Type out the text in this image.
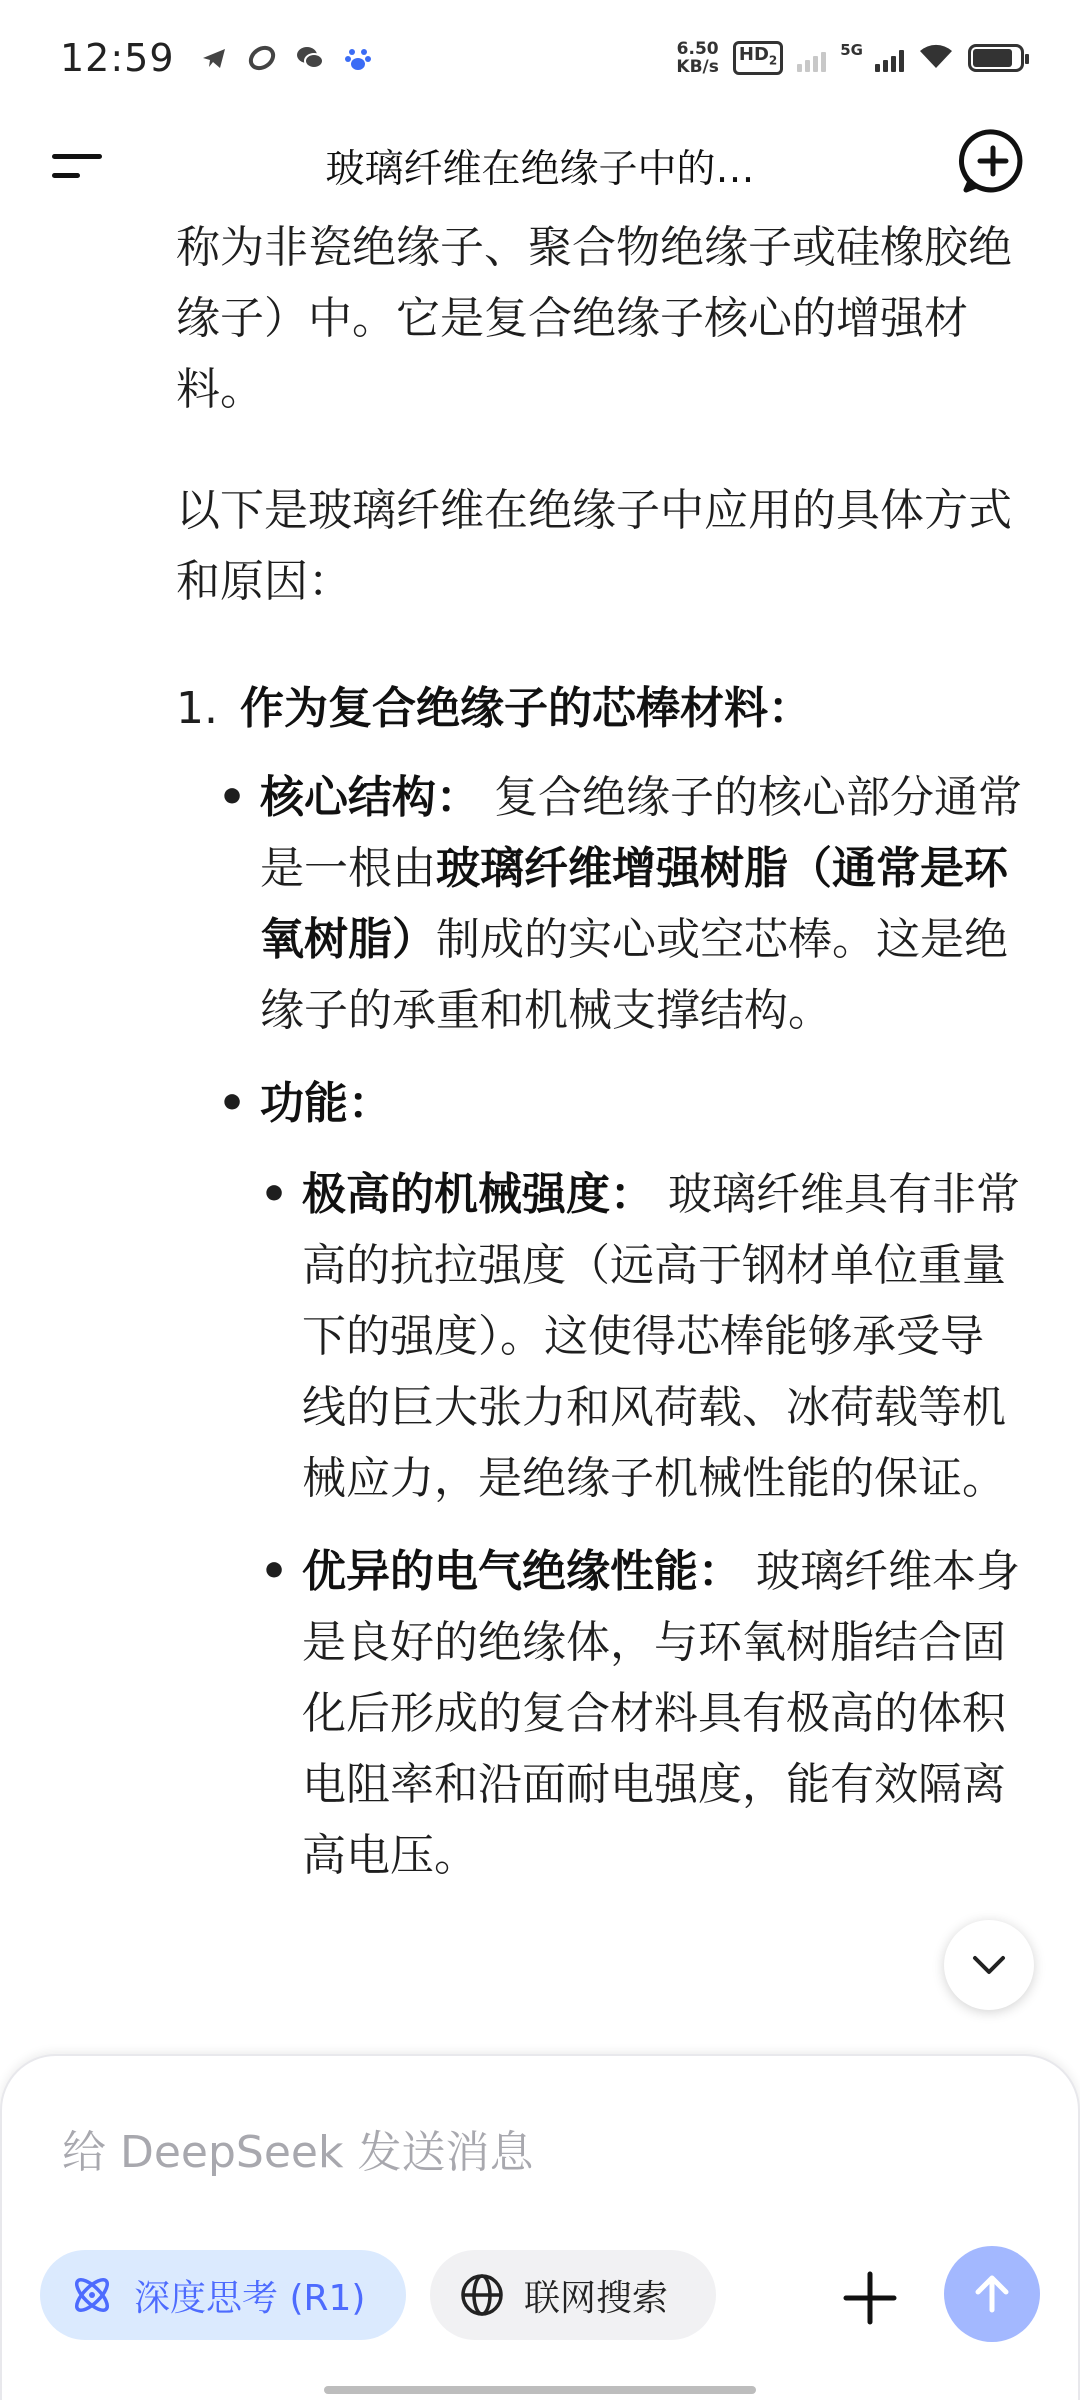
12:59	6.50
KB/s
$HD_2$
5G
玻璃纤维在绝缘子中的…

称为非瓷绝缘子、聚合物绝缘子或硅橡胶绝缘子）中。它是复合绝缘子核心的增强材料。

以下是玻璃纤维在绝缘子中应用的具体方式和原因：

1. 作为复合绝缘子的芯棒材料：
• 核心结构： 复合绝缘子的核心部分通常是一根由玻璃纤维增强树脂（通常是环氧树脂）制成的实心或空芯棒。这是绝缘子的承重和机械支撑结构。
• 功能：
• 极高的机械强度： 玻璃纤维具有非常高的抗拉强度（远高于钢材单位重量下的强度）。这使得芯棒能够承受导线的巨大张力和风荷载、冰荷载等机械应力，是绝缘子机械性能的保证。
• 优异的电气绝缘性能： 玻璃纤维本身是良好的绝缘体，与环氧树脂结合固化后形成的复合材料具有极高的体积电阻率和沿面耐电强度，能有效隔离高电压。
给 DeepSeek 发送消息
深度思考 (R1)	联网搜索
